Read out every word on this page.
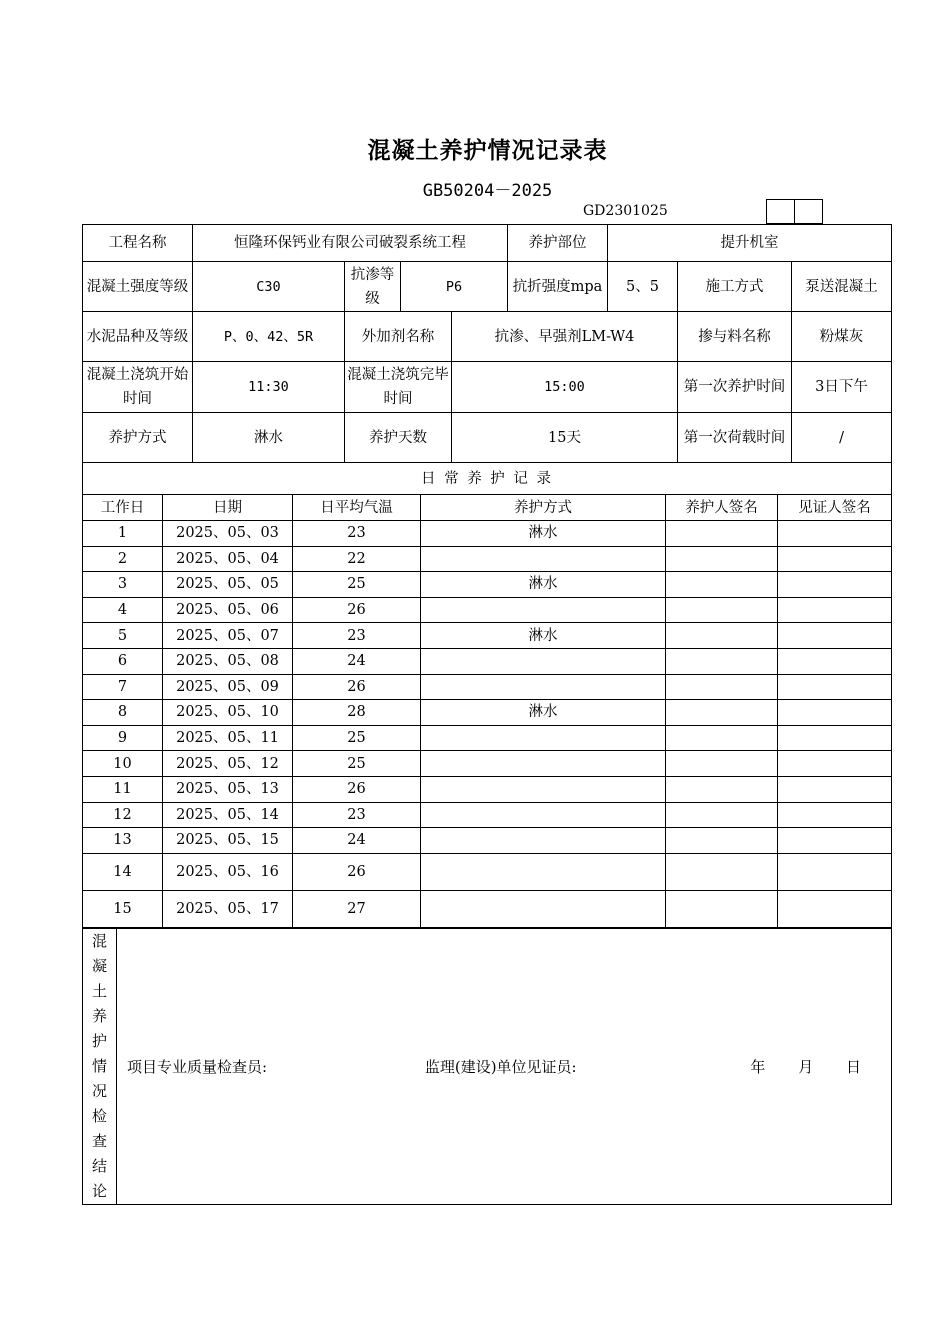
混凝土养护情况记录表
GB50204－2025
GD2301025
工程名称	恒隆环保钙业有限公司破裂系统工程				养护部位	提升机室		
混凝土强度等级	C30	抗渗等级	P6		抗折强度mpa	5、5	施工方式	泵送混凝土
水泥品种及等级	P、0、42、5R	外加剂名称		抗渗、早强剂LM-W4			掺与料名称	粉煤灰
混凝土浇筑开始时间	11:30	混凝土浇筑完毕时间		15:00			第一次养护时间	3日下午
养护方式	淋水	养护天数		15天			第一次荷载时间	/
日 常 养 护 记 录								
工作日	日期	日平均气温	养护方式	养护人签名	见证人签名
1	2025、05、03	23	淋水		
2	2025、05、04	22			
3	2025、05、05	25	淋水		
4	2025、05、06	26			
5	2025、05、07	23	淋水		
6	2025、05、08	24			
7	2025、05、09	26			
8	2025、05、10	28	淋水		
9	2025、05、11	25			
10	2025、05、12	25			
11	2025、05、13	26			
12	2025、05、14	23			
13	2025、05、15	24			
14	2025、05、16	26			
15	2025、05、17	27			
混凝土养护情况检查结论

项目专业质量检查员:	监理(建设)单位见证员:	年 月 日
